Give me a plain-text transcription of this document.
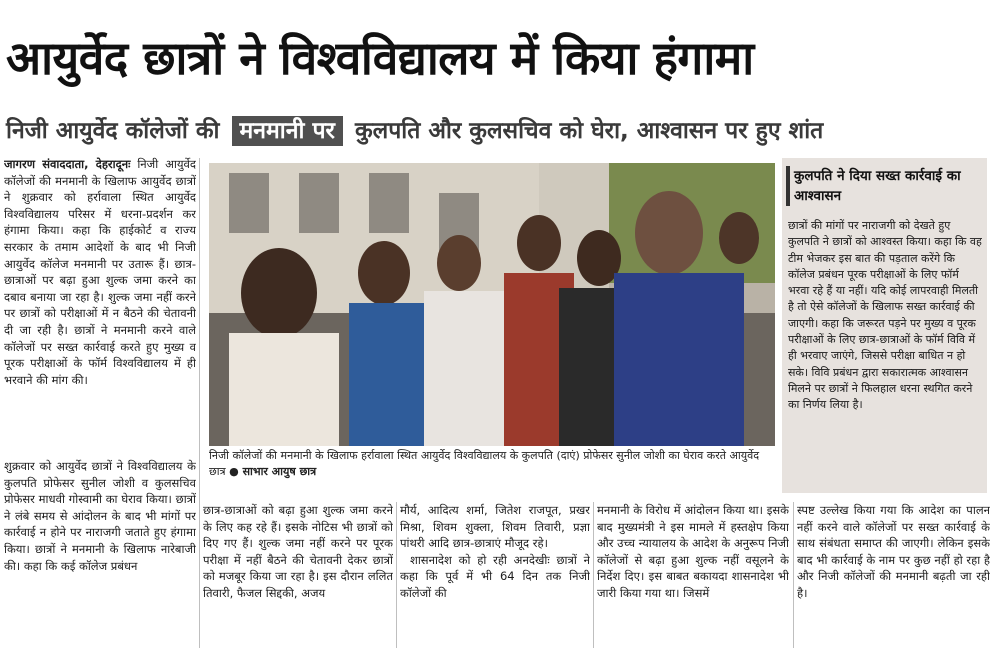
आयुर्वेद छात्रों ने विश्वविद्यालय में किया हंगामा
निजी आयुर्वेद कॉलेजों की मनमानी पर कुलपति और कुलसचिव को घेरा, आश्वासन पर हुए शांत

जागरण संवाददाता, देहरादूनः निजी आयुर्वेद कॉलेजों की मनमानी के खिलाफ आयुर्वेद छात्रों ने शुक्रवार को हर्रावाला स्थित आयुर्वेद विश्वविद्यालय परिसर में धरना-प्रदर्शन कर हंगामा किया। कहा कि हाईकोर्ट व राज्य सरकार के तमाम आदेशों के बाद भी निजी आयुर्वेद कॉलेज मनमानी पर उतारू हैं। छात्र-छात्राओं पर बढ़ा हुआ शुल्क जमा करने का दबाव बनाया जा रहा है। शुल्क जमा नहीं करने पर छात्रों को परीक्षाओं में न बैठने की चेतावनी दी जा रही है। छात्रों ने मनमानी करने वाले कॉलेजों पर सख्त कार्रवाई करते हुए मुख्य व पूरक परीक्षाओं के फॉर्म विश्वविद्यालय में ही भरवाने की मांग की।

शुक्रवार को आयुर्वेद छात्रों ने विश्वविद्यालय के कुलपति प्रोफेसर सुनील जोशी व कुलसचिव प्रोफेसर माधवी गोस्वामी का घेराव किया। छात्रों ने लंबे समय से आंदोलन के बाद भी मांगों पर कार्रवाई न होने पर नाराजगी जताते हुए हंगामा किया। छात्रों ने मनमानी के खिलाफ नारेबाजी की। कहा कि कई कॉलेज प्रबंधन

निजी कॉलेजों की मनमानी के खिलाफ हर्रावाला स्थित आयुर्वेद विश्वविद्यालय के कुलपति (दाएं) प्रोफेसर सुनील जोशी का घेराव करते आयुर्वेद छात्र ● साभार आयुष छात्र
कुलपति ने दिया सख्त कार्रवाई का आश्वासन
छात्रों की मांगों पर नाराजगी को देखते हुए कुलपति ने छात्रों को आश्वस्त किया। कहा कि वह टीम भेजकर इस बात की पड़ताल करेंगे कि कॉलेज प्रबंधन पूरक परीक्षाओं के लिए फॉर्म भरवा रहे हैं या नहीं। यदि कोई लापरवाही मिलती है तो ऐसे कॉलेजों के खिलाफ सख्त कार्रवाई की जाएगी। कहा कि जरूरत पड़ने पर मुख्य व पूरक परीक्षाओं के लिए छात्र-छात्राओं के फॉर्म विवि में ही भरवाए जाएंगे, जिससे परीक्षा बाधित न हो सके। विवि प्रबंधन द्वारा सकारात्मक आश्वासन मिलने पर छात्रों ने फिलहाल धरना स्थगित करने का निर्णय लिया है।

छात्र-छात्राओं को बढ़ा हुआ शुल्क जमा करने के लिए कह रहे हैं। इसके नोटिस भी छात्रों को दिए गए हैं। शुल्क जमा नहीं करने पर पूरक परीक्षा में नहीं बैठने की चेतावनी देकर छात्रों को मजबूर किया जा रहा है। इस दौरान ललित तिवारी, फैजल सिद्दकी, अजय

मौर्य, आदित्य शर्मा, जितेश राजपूत, प्रखर मिश्रा, शिवम शुक्ला, शिवम तिवारी, प्रज्ञा पांथरी आदि छात्र-छात्राएं मौजूद रहे।

शासनादेश को हो रही अनदेखीः छात्रों ने कहा कि पूर्व में भी 64 दिन तक निजी कॉलेजों की

मनमानी के विरोध में आंदोलन किया था। इसके बाद मुख्यमंत्री ने इस मामले में हस्तक्षेप किया और उच्च न्यायालय के आदेश के अनुरूप निजी कॉलेजों से बढ़ा हुआ शुल्क नहीं वसूलने के निर्देश दिए। इस बाबत बकायदा शासनादेश भी जारी किया गया था। जिसमें

स्पष्ट उल्लेख किया गया कि आदेश का पालन नहीं करने वाले कॉलेजों पर सख्त कार्रवाई के साथ संबंधता समाप्त की जाएगी। लेकिन इसके बाद भी कार्रवाई के नाम पर कुछ नहीं हो रहा है और निजी कॉलेजों की मनमानी बढ़ती जा रही है।
